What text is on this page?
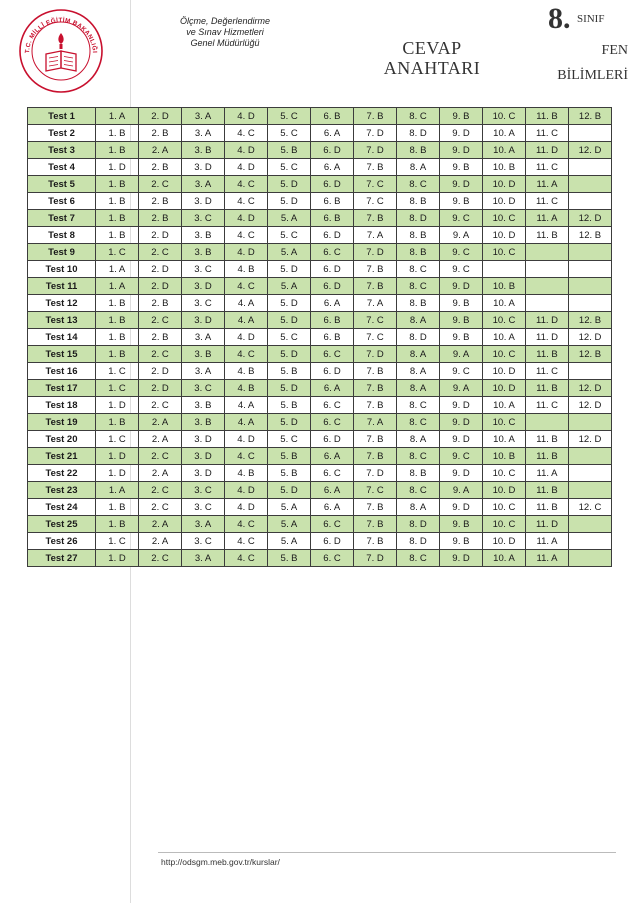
T.C. MİLLÎ EĞİTİM BAKANLIĞI
Ölçme, Değerlendirme
ve Sınav Hizmetleri
Genel Müdürlüğü	CEVAP
ANAHTARI
8. SINIF
FEN
BİLİMLERİ
Test 1	1. A	2. D	3. A	4. D	5. C	6. B	7. B	8. C	9. B	10. C	11. B	12. B
Test 2	1. B	2. B	3. A	4. C	5. C	6. A	7. D	8. D	9. D	10. A	11. C	
Test 3	1. B	2. A	3. B	4. D	5. B	6. D	7. D	8. B	9. D	10. A	11. D	12. D
Test 4	1. D	2. B	3. D	4. D	5. C	6. A	7. B	8. A	9. B	10. B	11. C	
Test 5	1. B	2. C	3. A	4. C	5. D	6. D	7. C	8. C	9. D	10. D	11. A	
Test 6	1. B	2. B	3. D	4. C	5. D	6. B	7. C	8. B	9. B	10. D	11. C	
Test 7	1. B	2. B	3. C	4. D	5. A	6. B	7. B	8. D	9. C	10. C	11. A	12. D
Test 8	1. B	2. D	3. B	4. C	5. C	6. D	7. A	8. B	9. A	10. D	11. B	12. B
Test 9	1. C	2. C	3. B	4. D	5. A	6. C	7. D	8. B	9. C	10. C		
Test 10	1. A	2. D	3. C	4. B	5. D	6. D	7. B	8. C	9. C			
Test 11	1. A	2. D	3. D	4. C	5. A	6. D	7. B	8. C	9. D	10. B		
Test 12	1. B	2. B	3. C	4. A	5. D	6. A	7. A	8. B	9. B	10. A		
Test 13	1. B	2. C	3. D	4. A	5. D	6. B	7. C	8. A	9. B	10. C	11. D	12. B
Test 14	1. B	2. B	3. A	4. D	5. C	6. B	7. C	8. D	9. B	10. A	11. D	12. D
Test 15	1. B	2. C	3. B	4. C	5. D	6. C	7. D	8. A	9. A	10. C	11. B	12. B
Test 16	1. C	2. D	3. A	4. B	5. B	6. D	7. B	8. A	9. C	10. D	11. C	
Test 17	1. C	2. D	3. C	4. B	5. D	6. A	7. B	8. A	9. A	10. D	11. B	12. D
Test 18	1. D	2. C	3. B	4. A	5. B	6. C	7. B	8. C	9. D	10. A	11. C	12. D
Test 19	1. B	2. A	3. B	4. A	5. D	6. C	7. A	8. C	9. D	10. C		
Test 20	1. C	2. A	3. D	4. D	5. C	6. D	7. B	8. A	9. D	10. A	11. B	12. D
Test 21	1. D	2. C	3. D	4. C	5. B	6. A	7. B	8. C	9. C	10. B	11. B	
Test 22	1. D	2. A	3. D	4. B	5. B	6. C	7. D	8. B	9. D	10. C	11. A	
Test 23	1. A	2. C	3. C	4. D	5. D	6. A	7. C	8. C	9. A	10. D	11. B	
Test 24	1. B	2. C	3. C	4. D	5. A	6. A	7. B	8. A	9. D	10. C	11. B	12. C
Test 25	1. B	2. A	3. A	4. C	5. A	6. C	7. B	8. D	9. B	10. C	11. D	
Test 26	1. C	2. A	3. C	4. C	5. A	6. D	7. B	8. D	9. B	10. D	11. A	
Test 27	1. D	2. C	3. A	4. C	5. B	6. C	7. D	8. C	9. D	10. A	11. A	
http://odsgm.meb.gov.tr/kurslar/
